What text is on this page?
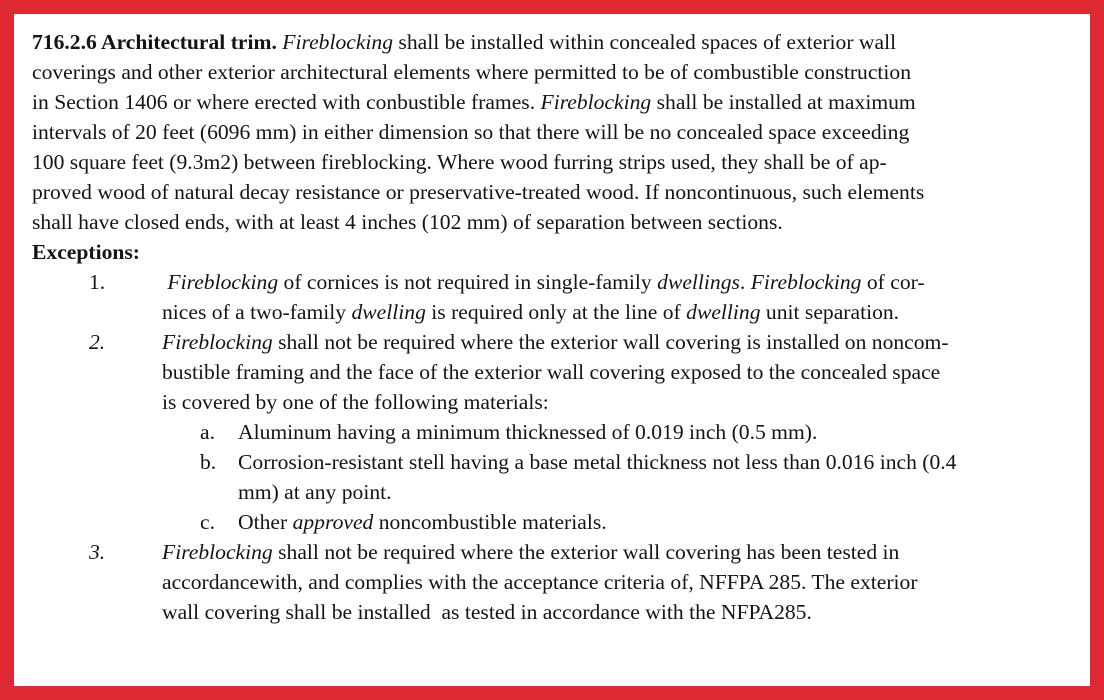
716.2.6 Architectural trim. Fireblocking shall be installed within concealed spaces of exterior wall
coverings and other exterior architectural elements where permitted to be of combustible construction
in Section 1406 or where erected with conbustible frames. Fireblocking shall be installed at maximum
intervals of 20 feet (6096 mm) in either dimension so that there will be no concealed space exceeding
100 square feet (9.3m2) between fireblocking. Where wood furring strips used, they shall be of ap-
proved wood of natural decay resistance or preservative-treated wood. If noncontinuous, such elements
shall have closed ends, with at least 4 inches (102 mm) of separation between sections.
Exceptions:
1.	Fireblocking of cornices is not required in single-family dwellings. Fireblocking of cor-
nices of a two-family dwelling is required only at the line of dwelling unit separation.
2.	Fireblocking shall not be required where the exterior wall covering is installed on noncom-
bustible framing and the face of the exterior wall covering exposed to the concealed space
is covered by one of the following materials:
a. Aluminum having a minimum thicknessed of 0.019 inch (0.5 mm).
b. Corrosion-resistant stell having a base metal thickness not less than 0.016 inch (0.4
mm) at any point.
c. Other approved noncombustible materials.
3.	Fireblocking shall not be required where the exterior wall covering has been tested in
accordancewith, and complies with the acceptance criteria of, NFFPA 285. The exterior
wall covering shall be installed  as tested in accordance with the NFPA285.
